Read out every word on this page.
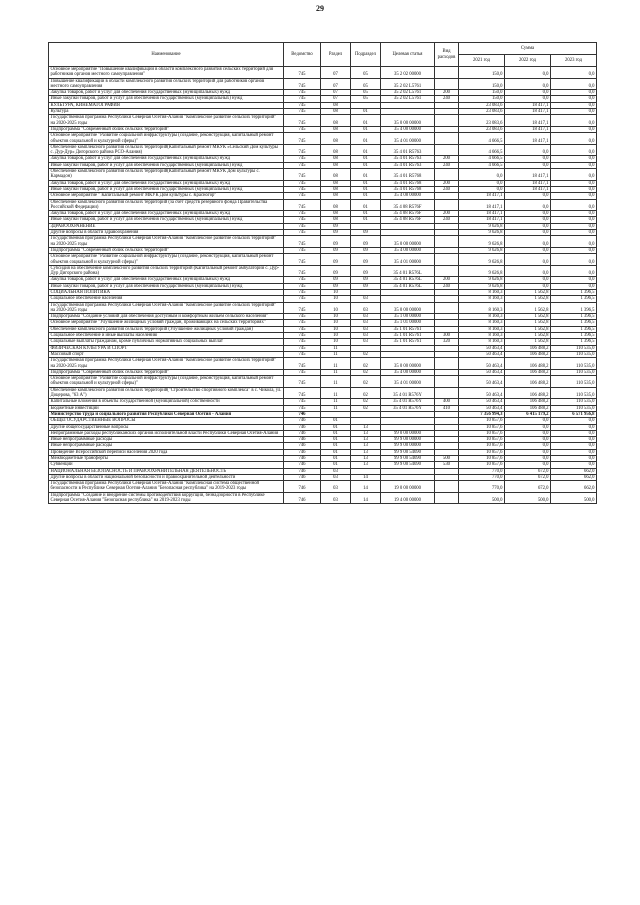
29
Наименование	Ведомство	Раздел	Подраздел	Целевая статья	Вид расходов	Сумма		
						2021 год	2022 год	2023 год
Основное мероприятие "Повышение квалификации в области комплексного развития сельских территорий для работников органов местного самоуправления"	745	07	05	35 2 02 00000		150,0	0,0	0,0
Повышение квалификации в области комплексного развития сельских территорий для работников органов местного самоуправления	745	07	05	35 2 02 L5761		150,0	0,0	0,0
Закупка товаров, работ и услуг для обеспечения государственных (муниципальных) нужд	745	07	05	35 2 02 L5761	200	150,0	0,0	0,0
Иные закупки товаров, работ и услуг для обеспечения государственных (муниципальных) нужд	745	07	05	35 2 02 L5761	240	150,0	0,0	0,0
КУЛЬТУРА, КИНЕМАТОГРАФИЯ	745	08				23 083,6	18 417,1	0,0
Культура	745	08	01			23 083,6	18 417,1	0,0
Государственная программа Республики Северная Осетия-Алания "Комплексное развитие сельских территорий" на 2020-2025 годы	745	08	01	35 0 00 00000		23 083,6	18 417,1	0,0
Подпрограмма "Современный облик сельских территорий"	745	08	01	35 4 00 00000		23 083,6	18 417,1	0,0
Основное мероприятие "Развитие социальной инфраструктуры (создание, реконструкция, капитальный ремонт объектов социальной и культурной сферы)"	745	08	01	35 4 01 00000		4 666,5	18 417,1	0,0
Обеспечение комплексного развития сельских территорий(Капитальный ремонт МКУК «Сельский Дом культуры с. Дур-Дур» Дигорского района РСО-Алания)	745	08	01	35 4 01 R5763		4 666,5	0,0	0,0
Закупка товаров, работ и услуг для обеспечения государственных (муниципальных) нужд	745	08	01	35 4 01 R5763	200	4 666,5	0,0	0,0
Иные закупки товаров, работ и услуг для обеспечения государственных (муниципальных) нужд	745	08	01	35 4 01 R5763	240	4 666,5	0,0	0,0
Обеспечение комплексного развития сельских территорий(Капитальный ремонт МКУК Дом культуры с. Кармадон)	745	08	01	35 4 01 R5768		0,0	18 417,1	0,0
Закупка товаров, работ и услуг для обеспечения государственных (муниципальных) нужд	745	08	01	35 4 01 R5768	200	0,0	18 417,1	0,0
Иные закупки товаров, работ и услуг для обеспечения государственных (муниципальных) нужд	745	08	01	35 4 01 R5768	240	0,0	18 417,1	0,0
Основное мероприятие " Капитальный ремонт МКУК Дом культуры с. Красногор"	745	08	01	35 4 08 00000		18 417,1	0,0	0,0
Обеспечение комплексного развития сельских территорий (за счет средств резервного фонда Правительства Российской Федерации)	745	08	01	35 4 08 R576F		18 417,1	0,0	0,0
Закупка товаров, работ и услуг для обеспечения государственных (муниципальных) нужд	745	08	01	35 4 08 R576F	200	18 417,1	0,0	0,0
Иные закупки товаров, работ и услуг для обеспечения государственных (муниципальных) нужд	745	08	01	35 4 08 R576F	240	18 417,1	0,0	0,0
ЗДРАВООХРАНЕНИЕ	745	09				9 626,8	0,0	0,0
Другие вопросы в области здравоохранения	745	09	09			9 626,8	0,0	0,0
Государственная программа Республики Северная Осетия-Алания "Комплексное развитие сельских территорий" на 2020-2025 годы	745	09	09	35 0 00 00000		9 626,8	0,0	0,0
Подпрограмма "Современный облик сельских территорий"	745	09	09	35 4 00 00000		9 626,8	0,0	0,0
Основное мероприятие "Развитие социальной инфраструктуры (создание, реконструкция, капитальный ремонт объектов социальной и культурной сферы)"	745	09	09	35 4 01 00000		9 626,8	0,0	0,0
Субсидия на обеспечение комплексного развития сельских территорий (Капитальный ремонт амбулатории с. Дур-Дур Дигорского района)	745	09	09	35 4 01 R576L		9 626,8	0,0	0,0
Закупка товаров, работ и услуг для обеспечения государственных (муниципальных) нужд	745	09	09	35 4 01 R576L	200	9 626,8	0,0	0,0
Иные закупки товаров, работ и услуг для обеспечения государственных (муниципальных) нужд	745	09	09	35 4 01 R576L	240	9 626,8	0,0	0,0
СОЦИАЛЬНАЯ ПОЛИТИКА	745	10				8 160,3	1 562,8	1 396,5
Социальное обеспечение населения	745	10	03			8 160,3	1 562,8	1 396,5
Государственная программа Республики Северная Осетия-Алания "Комплексное развитие сельских территорий" на 2020-2025 годы	745	10	03	35 0 00 00000		8 160,3	1 562,8	1 396,5
Подпрограмма "Создание условий для обеспечения доступным и комфортным жильем сельского населения"	745	10	03	35 1 00 00000		8 160,3	1 562,8	1 396,5
Основное мероприятие "Улучшение жилищных условий граждан, проживающих на сельских территориях"	745	10	03	35 1 01 00000		8 160,3	1 562,8	1 396,5
Обеспечение комплексного развития сельских территорий (Улучшение жилищных условий граждан)	745	10	03	35 1 01 R5761		8 160,3	1 562,8	1 396,5
Социальное обеспечение и иные выплаты населению	745	10	03	35 1 01 R5761	300	8 160,3	1 562,8	1 396,5
Социальные выплаты гражданам, кроме публичных нормативных социальных выплат	745	10	03	35 1 01 R5761	320	8 160,3	1 562,8	1 396,5
ФИЗИЧЕСКАЯ КУЛЬТУРА И СПОРТ	745	11				50 463,4	106 488,2	110 535,0
Массовый спорт	745	11	02			50 463,4	106 488,2	110 535,0
Государственная программа Республики Северная Осетия-Алания "Комплексное развитие сельских территорий" на 2020-2025 годы	745	11	02	35 0 00 00000		50 463,4	106 488,2	110 535,0
Подпрограмма "Современный облик сельских территорий"	745	11	02	35 4 00 00000		50 463,4	106 488,2	110 535,0
Основное мероприятие "Развитие социальной инфраструктуры (создание, реконструкция, капитальный ремонт объектов социальной и культурной сферы)"	745	11	02	35 4 01 00000		50 463,4	106 488,2	110 535,0
Обеспечение комплексного развития сельских территорий("Строительство спортивного комплекса" в с. Чикола, ул. Доцерова, "63 А")	745	11	02	35 4 01 R576Y		50 463,4	106 488,2	110 535,0
Капитальные вложения в объекты государственной (муниципальной) собственности	745	11	02	35 4 01 R576Y	400	50 463,4	106 488,2	110 535,0
Бюджетные инвестиции	745	11	02	35 4 01 R576Y	410	50 463,4	106 488,2	110 535,0
Министерство труда и социального развития Республики Северная Осетия - Алания	746					7 356 994,3	6 415 179,2	6 571 956,8
ОБЩЕГОСУДАРСТВЕННЫЕ ВОПРОСЫ	746	01				10 857,6	0,0	0,0
Другие общегосударственные вопросы	746	01	13			10 857,6	0,0	0,0
Непрограммные расходы республиканских органов исполнительной власти Республики Северная Осетия-Алания	746	01	13	99 0 00 00000		10 857,6	0,0	0,0
Иные непрограммные расходы	746	01	13	99 9 00 00000		10 857,6	0,0	0,0
Иные непрограммные расходы	746	01	13	99 9 00 00000		10 857,6	0,0	0,0
Проведение Всероссийской переписи населения 2020 года	746	01	13	99 9 00 54690		10 857,6	0,0	0,0
Межбюджетные трансферты	746	01	13	99 9 00 54690	500	10 857,6	0,0	0,0
Субвенции	746	01	13	99 9 00 54690	530	10 857,6	0,0	0,0
НАЦИОНАЛЬНАЯ БЕЗОПАСНОСТЬ И ПРАВООХРАНИТЕЛЬНАЯ ДЕЯТЕЛЬНОСТЬ	746	03				770,0	672,0	662,0
Другие вопросы в области национальной безопасности и правоохранительной деятельности	746	03	14			770,0	672,0	662,0
Государственная программа Республики Северная Осетия-Алания "Комплексная система общественной безопасности в Республике Северная Осетия-Алания "Безопасная республика" на 2019-2023 годы	746	03	14	19 0 00 00000		770,0	672,0	662,0
Подпрограмма "Создание и внедрение системы противодействия коррупции, безнадзорности в Республике Северная Осетия-Алания "Безопасная республика" на 2019-2023 годы	746	03	14	19 4 00 00000		500,0	500,0	500,0
